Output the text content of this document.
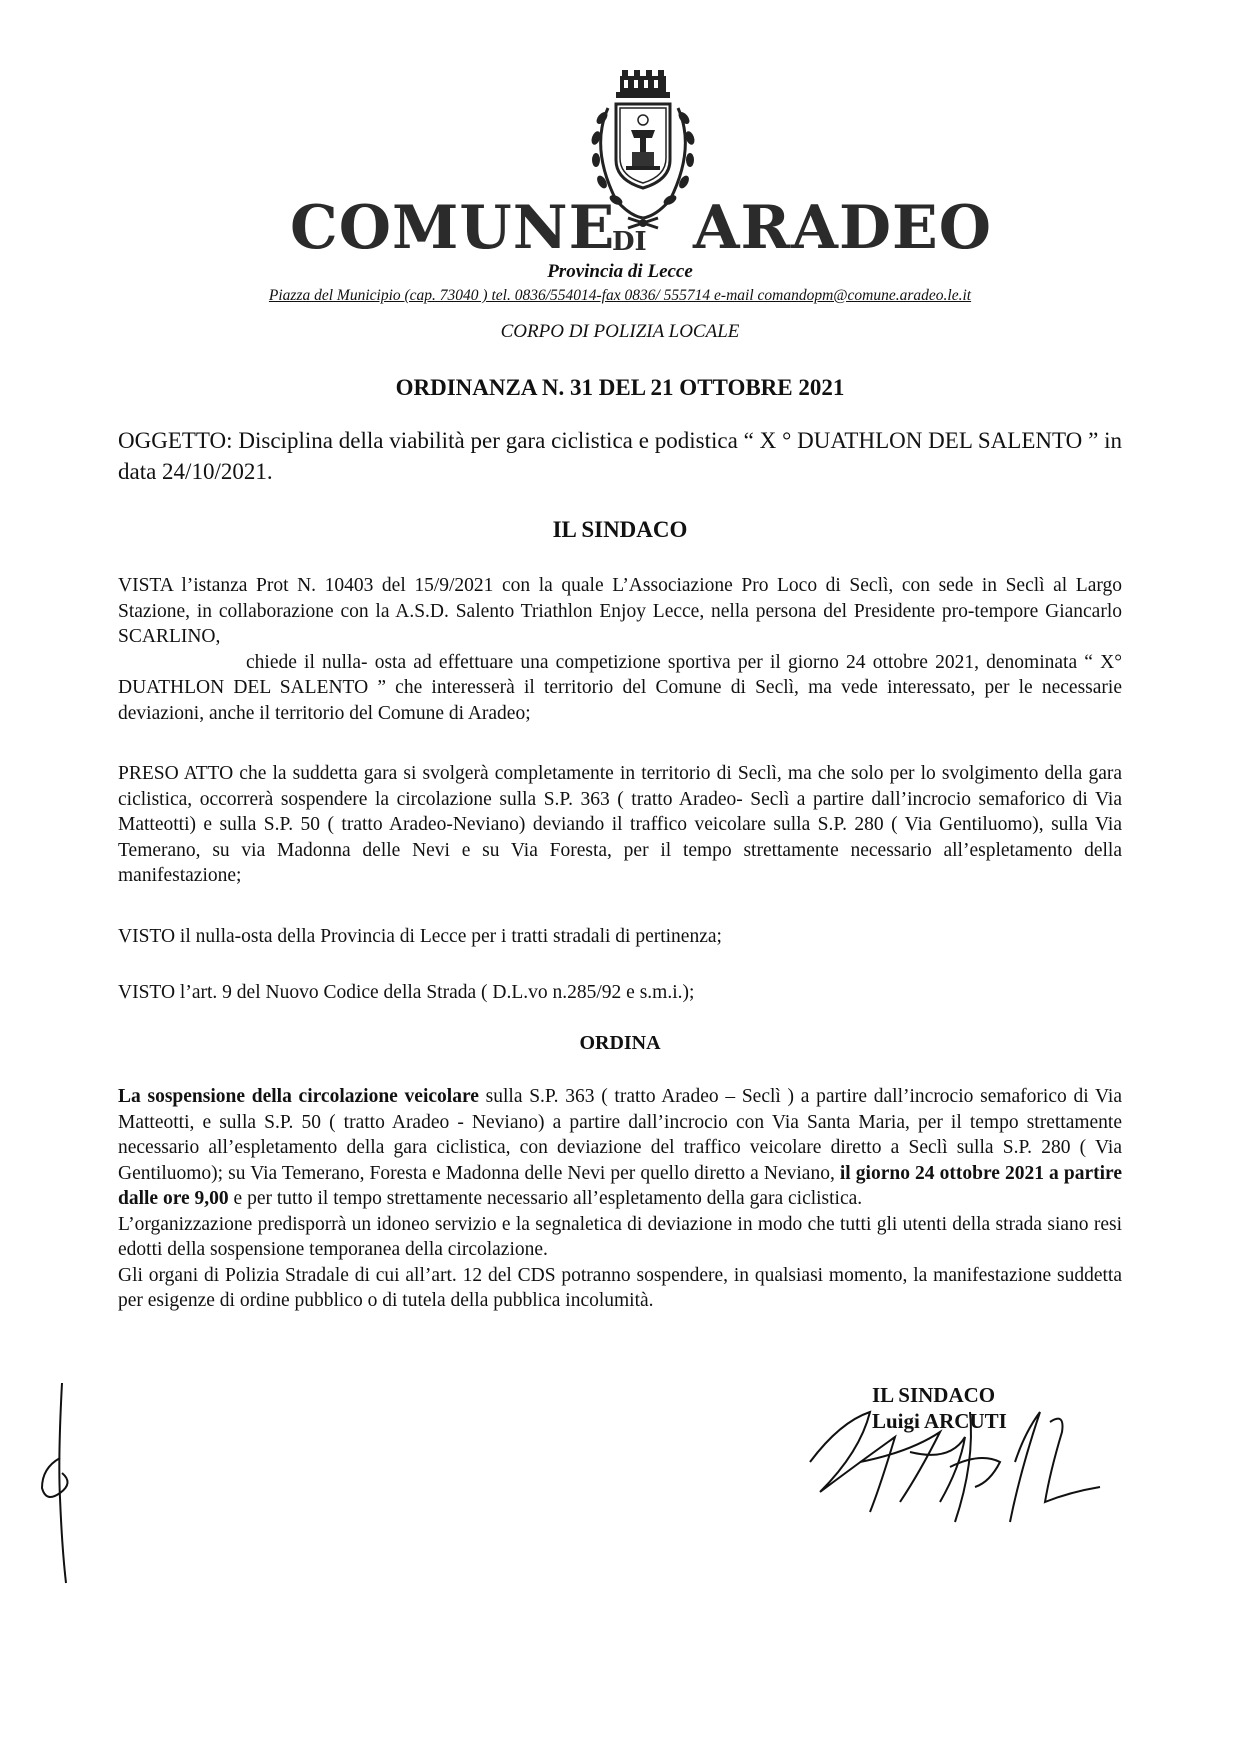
COMUNE
DI ARADEO
Provincia di Lecce
Piazza del Municipio (cap. 73040 ) tel. 0836/554014-fax 0836/ 555714 e-mail comandopm@comune.aradeo.le.it
CORPO DI POLIZIA LOCALE
ORDINANZA N. 31 DEL 21 OTTOBRE 2021

OGGETTO: Disciplina della viabilità per gara ciclistica e podistica “ X ° DUATHLON DEL SALENTO ” in data 24/10/2021.

IL SINDACO

VISTA l’istanza Prot N. 10403 del 15/9/2021 con la quale L’Associazione Pro Loco di Seclì, con sede in Seclì al Largo Stazione, in collaborazione con la A.S.D. Salento Triathlon Enjoy Lecce, nella persona del Presidente pro-tempore Giancarlo SCARLINO,
chiede il nulla- osta ad effettuare una competizione sportiva per il giorno 24 ottobre 2021, denominata “ X° DUATHLON DEL SALENTO ” che interesserà il territorio del Comune di Seclì, ma vede interessato, per le necessarie deviazioni, anche il territorio del Comune di Aradeo;

PRESO ATTO che la suddetta gara si svolgerà completamente in territorio di Seclì, ma che solo per lo svolgimento della gara ciclistica, occorrerà sospendere la circolazione sulla S.P. 363 ( tratto Aradeo- Seclì a partire dall’incrocio semaforico di Via Matteotti) e sulla S.P. 50 ( tratto Aradeo-Neviano) deviando il traffico veicolare sulla S.P. 280 ( Via Gentiluomo), sulla Via Temerano, su via Madonna delle Nevi e su Via Foresta, per il tempo strettamente necessario all’espletamento della manifestazione;

VISTO il nulla-osta della Provincia di Lecce per i tratti stradali di pertinenza;

VISTO l’art. 9 del Nuovo Codice della Strada ( D.L.vo n.285/92 e s.m.i.);

ORDINA

La sospensione della circolazione veicolare sulla S.P. 363 ( tratto Aradeo – Seclì ) a partire dall’incrocio semaforico di Via Matteotti, e sulla S.P. 50 ( tratto Aradeo - Neviano) a partire dall’incrocio con Via Santa Maria, per il tempo strettamente necessario all’espletamento della gara ciclistica, con deviazione del traffico veicolare diretto a Seclì sulla S.P. 280 ( Via Gentiluomo); su Via Temerano, Foresta e Madonna delle Nevi per quello diretto a Neviano, il giorno 24 ottobre 2021 a partire dalle ore 9,00 e per tutto il tempo strettamente necessario all’espletamento della gara ciclistica.
L’organizzazione predisporrà un idoneo servizio e la segnaletica di deviazione in modo che tutti gli utenti della strada siano resi edotti della sospensione temporanea della circolazione.
Gli organi di Polizia Stradale di cui all’art. 12 del CDS potranno sospendere, in qualsiasi momento, la manifestazione suddetta per esigenze di ordine pubblico o di tutela della pubblica incolumità.

IL SINDACO
Luigi ARCUTI
